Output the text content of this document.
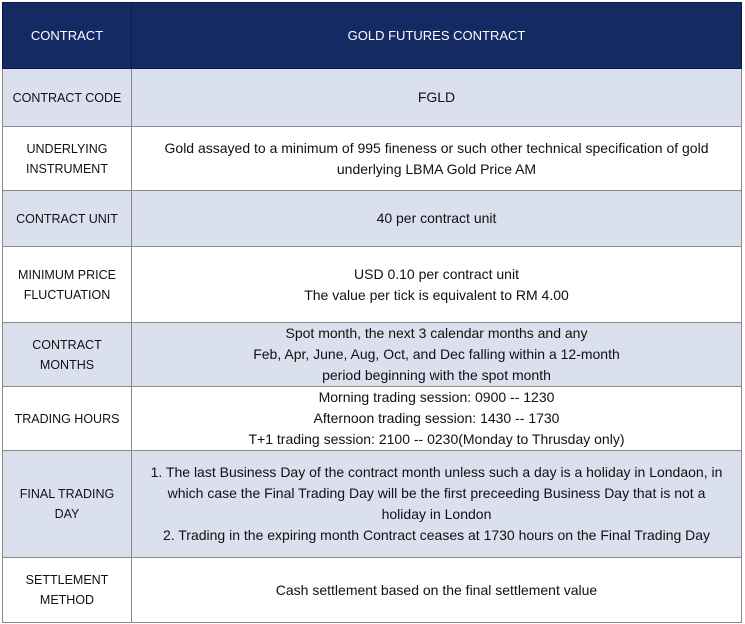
CONTRACT	GOLD FUTURES CONTRACT

CONTRACT CODE	FGLD

UNDERLYING
INSTRUMENT	Gold assayed to a minimum of 995 fineness or such other technical specification of gold
underlying LBMA Gold Price AM

CONTRACT UNIT	40 per contract unit

MINIMUM PRICE
FLUCTUATION	USD 0.10 per contract unit
The value per tick is equivalent to RM 4.00

CONTRACT
MONTHS	Spot month, the next 3 calendar months and any
Feb, Apr, June, Aug, Oct, and Dec falling within a 12-month
period beginning with the spot month

TRADING HOURS	Morning trading session: 0900 -- 1230
Afternoon trading session: 1430 -- 1730
T+1 trading session: 2100 -- 0230(Monday to Thrusday only)

FINAL TRADING
DAY	1. The last Business Day of the contract month unless such a day is a holiday in Londaon, in
which case the Final Trading Day will be the first preceeding Business Day that is not a
holiday in London
2. Trading in the expiring month Contract ceases at 1730 hours on the Final Trading Day

SETTLEMENT
METHOD	Cash settlement based on the final settlement value
